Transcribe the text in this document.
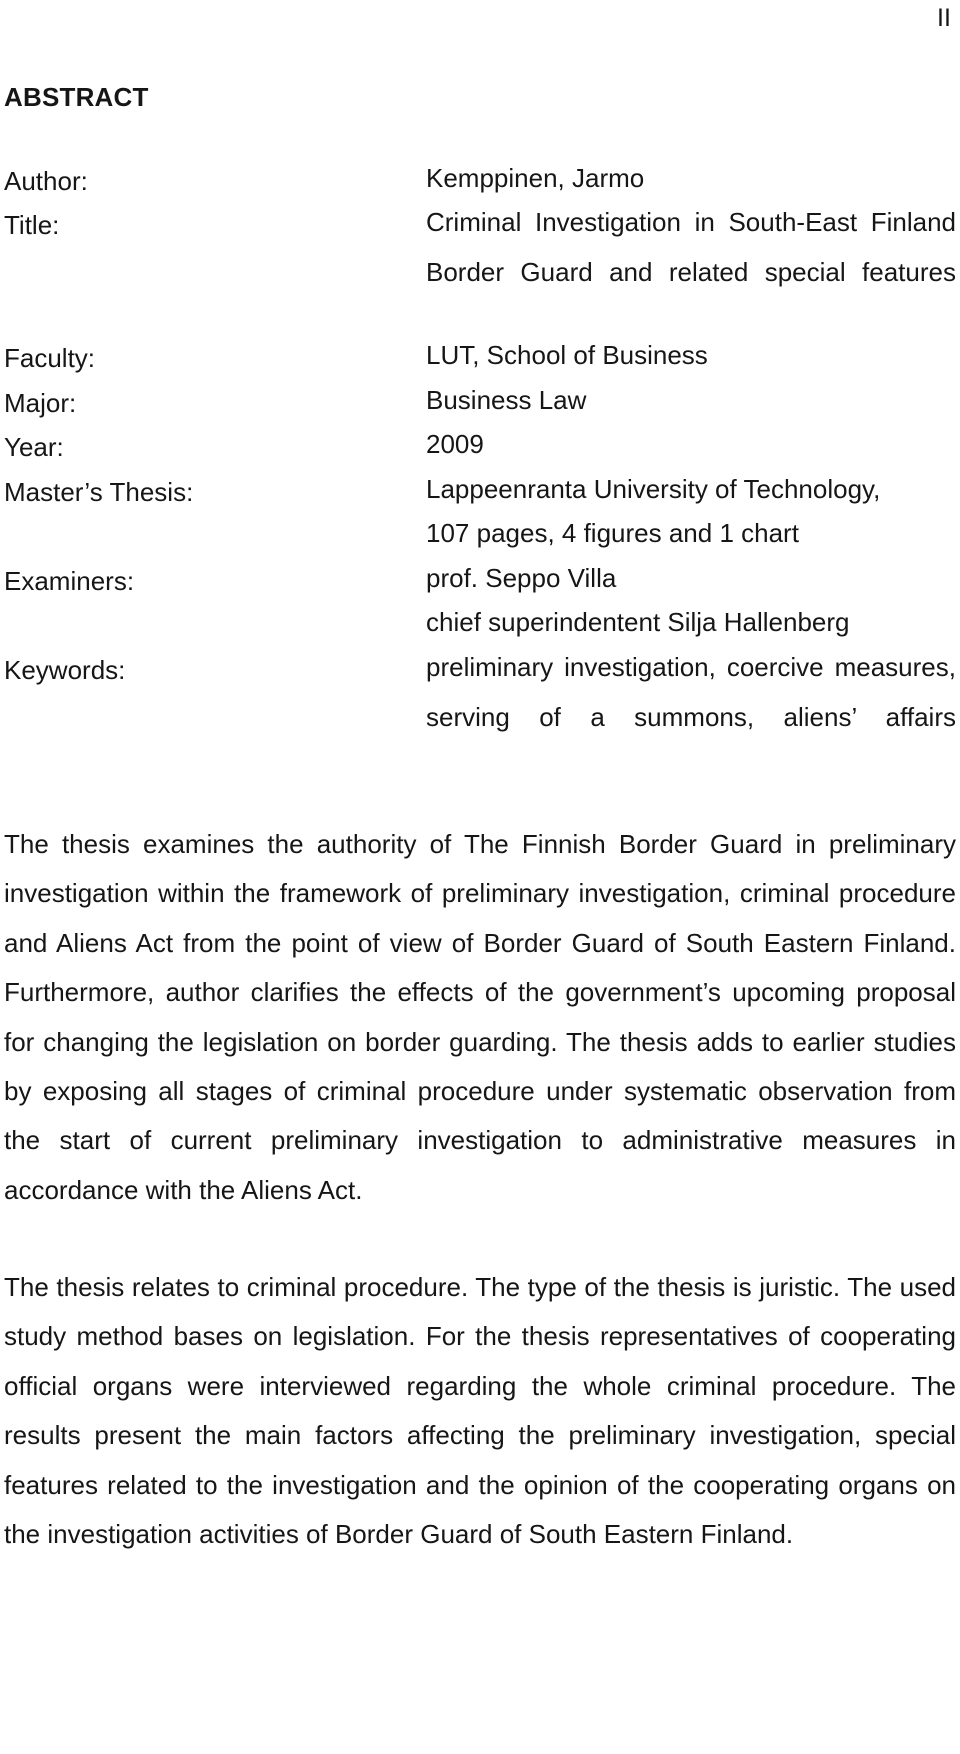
II
ABSTRACT
Author:	Kemppinen, Jarmo
Title:	Criminal Investigation in South-East Finland Border Guard and related special features
Faculty:	LUT, School of Business
Major:	Business Law
Year:	2009
Master’s Thesis:	Lappeenranta University of Technology,
107 pages, 4 figures and 1 chart
Examiners:	prof. Seppo Villa
chief superindentent Silja Hallenberg
Keywords:	preliminary investigation, coercive measures, serving of a summons, aliens’ affairs

The thesis examines the authority of The Finnish Border Guard in preliminary investigation within the framework of preliminary investigation, criminal procedure and Aliens Act from the point of view of Border Guard of South Eastern Finland. Furthermore, author clarifies the effects of the government’s upcoming proposal for changing the legislation on border guarding. The thesis adds to earlier studies by exposing all stages of criminal procedure under systematic observation from the start of current preliminary investigation to administrative measures in accordance with the Aliens Act.

The thesis relates to criminal procedure. The type of the thesis is juristic. The used study method bases on legislation. For the thesis representatives of cooperating official organs were interviewed regarding the whole criminal procedure. The results present the main factors affecting the preliminary investigation, special features related to the investigation and the opinion of the cooperating organs on the investigation activities of Border Guard of South Eastern Finland.
